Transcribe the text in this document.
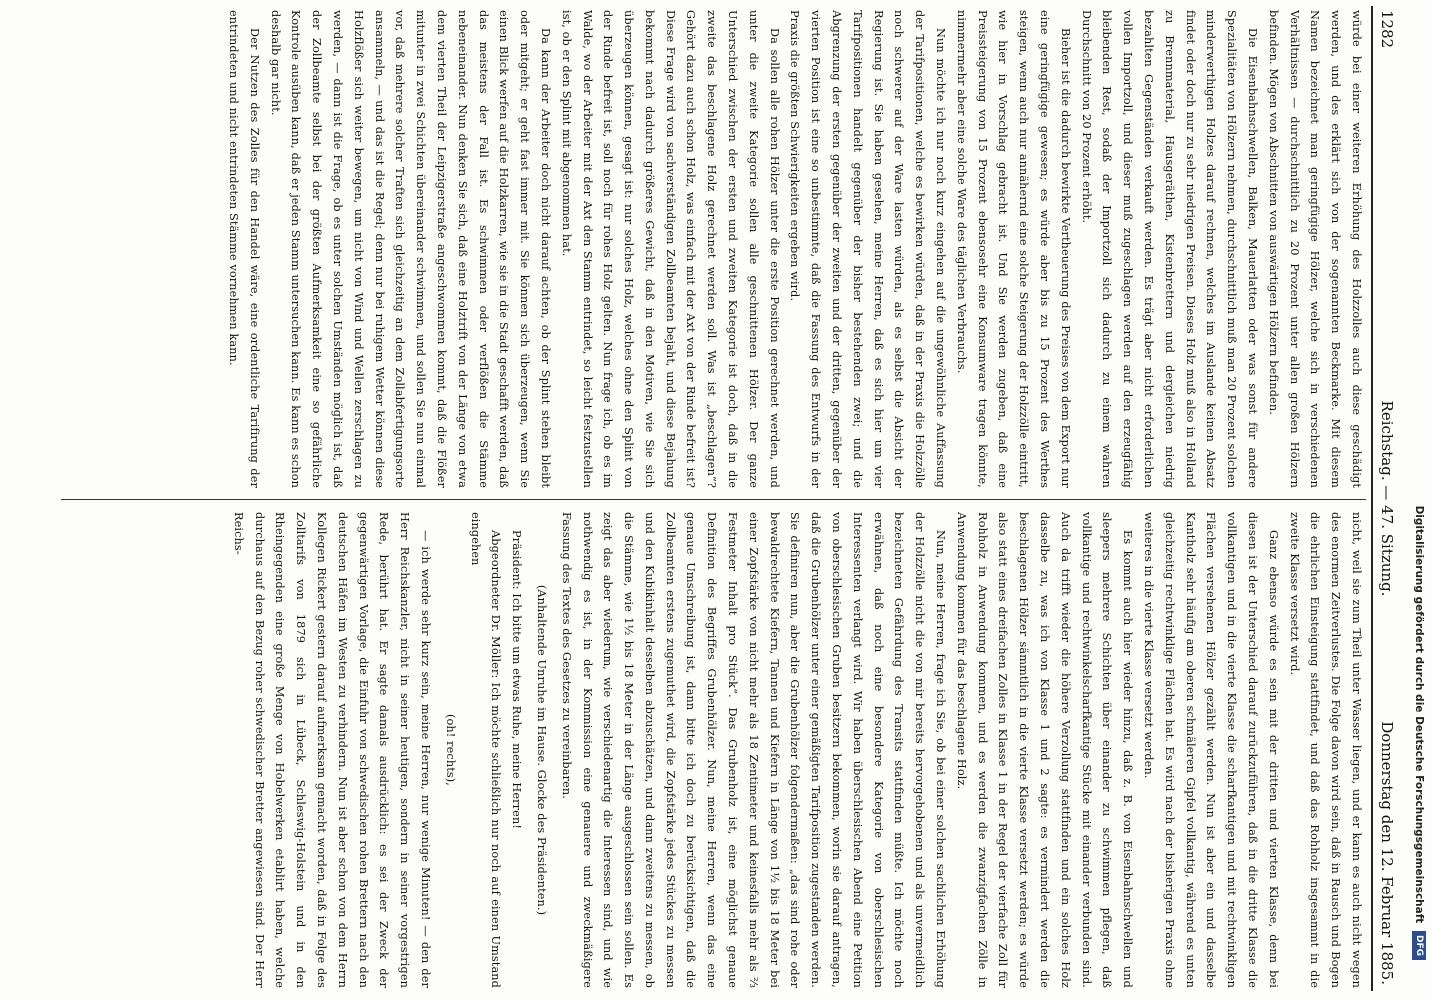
1282
Reichstag. — 47. Sitzung.
Donnerstag den 12. Februar 1885.

würde bei einer weiteren Erhöhung des Holzzolles auch diese geschädigt werden, und des erklärt sich von der sogenannten Beckmarke. Mit diesem Namen bezeichnet man geringfügige Hölzer, welche sich in verschiedenen Verhältnissen — durchschnittlich zu 20 Prozent unter allen großen Hölzern befinden. Mögen von Abschnitten von auswärtigen Hölzern befinden.

Die Eisenbahnschwellen, Balken, Mauerlatten oder was sonst für andere Spezialitäten von Hölzern nehmen, durchschnittlich muß man 20 Prozent solchen minderwerthigen Holzes darauf rechnen, welches im Auslande keinen Absatz findet oder doch nur zu sehr niedrigen Preisen. Dieses Holz muß also in Holland zu Brennmaterial, Hausgeräthen, Kistenbrettern und dergleichen niedrig bezahlten Gegenständen verkauft werden. Es trägt aber nicht erforderlichen vollen Importzoll, und dieser muß zugeschlagen werden auf den erzeugfähig bleibenden Rest, sodaß der Importzoll sich dadurch zu einem wahren Durchschnitt von 20 Prozent erhöht.

Bieher ist die dadurch bewirkte Vertheuerung des Preises von dem Export nur eine geringfügige gewesen; es würde aber bis zu 15 Prozent des Werthes steigen, wenn auch nur annähernd eine solche Steigerung der Holzzölle eintritt, wie hier in Vorschlag gebracht ist. Und Sie werden zugeben, daß eine Preissteigerung von 15 Prozent ebensosehr eine Konsumware tragen könnte, nimmermehr aber eine solche Ware des täglichen Verbrauchs.

Nun möchte ich nur noch kurz eingehen auf die ungewöhnliche Auffassung der Tarifpositionen, welche es bewirken würden, daß in der Praxis die Holzzölle noch schwerer auf der Ware lasten würden, als es selbst die Absicht der Regierung ist. Sie haben gesehen, meine Herren, daß es sich hier um vier Tarifpositionen handelt gegenüber der bisher bestehenden zwei; und die Abgrenzung der ersten gegenüber der zweiten und der dritten, gegenüber der vierten Position ist eine so unbestimmte, daß die Fassung des Entwurfs in der Praxis die größten Schwierigkeiten ergeben wird.

Da sollen alle rohen Hölzer unter die erste Position gerechnet werden, und unter die zweite Kategorie sollen alle geschnittenen Hölzer. Der ganze Unterschied zwischen der ersten und zweiten Kategorie ist doch, daß in die zweite das beschlagene Holz gerechnet werden soll. Was ist „beschlagen“? Gehört dazu auch schon Holz, was einfach mit der Axt von der Rinde befreit ist? Diese Frage wird von sachverständigen Zollbeamten bejaht, und diese Bejahung bekommt nach dadurch größeres Gewicht, daß in den Motiven, wie Sie sich überzeugen können, gesagt ist: nur solches Holz, welches ohne den Splint von der Rinde befreit ist, soll noch für rohes Holz gelten. Nun frage ich, ob es im Walde, wo der Arbeiter mit der Axt den Stamm entrindet, so leicht festzustellen ist, ob er den Splint mit abgenommen hat.

Da kann der Arbeiter doch nicht darauf achten, ob der Splint stehen bleibt oder mitgeht; er geht fast immer mit. Sie können sich überzeugen, wenn Sie einen Blick werfen auf die Holzkarren, wie sie in die Stadt geschafft werden, daß das meistens der Fall ist. Es schwimmen oder verflößen die Stämme nebeneinander. Nun denken Sie sich, daß eine Holztrift von der Länge von etwa dem vierten Theil der Leipzigerstraße angeschwommen kommt, daß die Flößer mitunter in zwei Schichten übereinander schwimmen, und sollen Sie nun einmal vor, daß mehrere solcher Traften sich gleichzeitig an dem Zollabfertigungsorte ansammeln, — und das ist die Regel; denn nur bei ruhigem Wetter können diese Holzflößer sich weiter bewegen, um nicht von Wind und Wellen zerschlagen zu werden, — dann ist die Frage, ob es unter solchen Umständen möglich ist, daß der Zollbeamte selbst bei der größten Aufmerksamkeit eine so gefährliche Kontrole ausüben kann, daß er jeden Stamm untersuchen kann. Es kann es schon deshalb gar nicht.

Der Nutzen des Zolles für den Handel wäre, eine ordentliche Tarifirung der entrindeten und nicht entrindeten Stämme vornehmen kann.

nicht, weil sie zum Theil unter Wasser liegen, und er kann es auch nicht wegen des enormen Zeitverlustes. Die Folge davon wird sein, daß in Rausch und Bogen die ehrlichen Einsteigung stattfindet, und daß das Rohholz insgesammt in die zweite Klasse versetzt wird.

Ganz ebenso würde es sein mit der dritten und vierten Klasse, denn bei diesen ist der Unterschied darauf zurückzuführen, daß in die dritte Klasse die vollkantigen und in die vierte Klasse die scharfkantigen und mit rechtwinkligen Flächen versehenen Hölzer gezählt werden. Nun ist aber ein und dasselbe Kantholz sehr häufig am oberen schmäleren Gipfel vollkantig, während es unten gleichzeitig rechtwinklige Flächen hat. Es wird nach der bisherigen Praxis ohne weiteres in die vierte Klasse versetzt werden.

Es kommt auch hier wieder hinzu, daß z. B. von Eisenbahnschwellen und sleepers mehrere Schichten über einander zu schwimmen pflegen, daß vollkantige und rechtwinkelscharfkantige Stücke mit einander verbunden sind. Auch da trifft wieder die höhere Verzollung stattfinden und ein solches Holz dasselbe zu, was ich von Klasse 1 und 2 sagte: es vermindert werden die beschlagenen Hölzer sämmtlich in die vierte Klasse versetzt werden; es würde also statt eines dreifachen Zolles in Klasse 1 in der Regel der vierfache Zoll für Rohholz in Anwendung kommen, und es werden die zwanzigfachen Zölle in Anwendung kommen für das beschlagene Holz.

Nun, meine Herren, frage ich Sie, ob bei einer solchen sachlichen Erhöhung der Holzzölle nicht die von mir bereits hervorgehobenen und als unvermeidlich bezeichneten Gefährdung des Transits stattfinden müßte. Ich möchte noch erwähnen, daß noch eine besondere Kategorie von oberschlesischen Interessenten verlangt wird. Wir haben überschlesischen Abend eine Petition von oberschlesischen Gruben besitzern bekommen, worin sie darauf antragen, daß die Grubenhölzer unter einer gemäßigten Tarifposition zugestanden werden. Sie definiren nun, aber die Grubenhölzer folgendermaßen: „das sind rohe oder bewaldrechtete Kiefern, Tannen und Kiefern in Länge von 1½ bis 18 Meter bei einer Zopfstärke von nicht mehr als 18 Zentimeter und keinesfalls mehr als ⅔ Festmeter Inhalt pro Stück“. Das Grubenholz ist, eine möglichst genaue Definition des Begriffes Grubenhölzer. Nun, meine Herren, wenn das eine genaue Umschreibung ist, dann bitte ich doch zu berücksichtigen, daß die Zollbeamten erstens zugemuthet wird, die Zopfstärke jedes Stückes zu messen und den Kubikinhalt desselben abzuschätzen, und dann zweitens zu messen, ob die Stämme, wie 1½ bis 18 Meter in der Länge ausgeschlossen sein sollen. Es zeigt das aber wiederum, wie verschiedenartig die Interessen sind, und wie nothwendig es ist, in der Kommission eine genauere und zweckmäßigere Fassung des Textes des Gesetzes zu vereinbaren.

(Anhaltende Unruhe im Hause. Glocke des Präsidenten.)

Präsident: Ich bitte um etwas Ruhe, meine Herren!

Abgeordneter Dr. Möller: Ich möchte schließlich nur noch auf einen Umstand eingehen

(oh! rechts),

— ich werde sehr kurz sein, meine Herren, nur wenige Minuten! — den der Herr Reichskanzler, nicht in seiner heutigen, sondern in seiner vorgestrigen Rede, berührt hat. Er sagte damals ausdrücklich: es sei der Zweck der gegenwärtigen Vorlage, die Einfuhr von schwedischen rohen Brettern nach den deutschen Häfen im Westen zu verhindern. Nun ist aber schon von dem Herrn Kollegen Rickert gestern darauf aufmerksam gemacht worden, daß in Folge des Zolltarifs von 1879 sich in Lübeck, Schleswig-Holstein und in den Rheingegenden eine große Menge von Hobelwerken etablirt haben, welche durchaus auf den Bezug roher schwedischer Bretter angewiesen sind. Der Herr Reichs-	Digitalisierung gefördert durch die Deutsche Forschungsgemeinschaft DFG
